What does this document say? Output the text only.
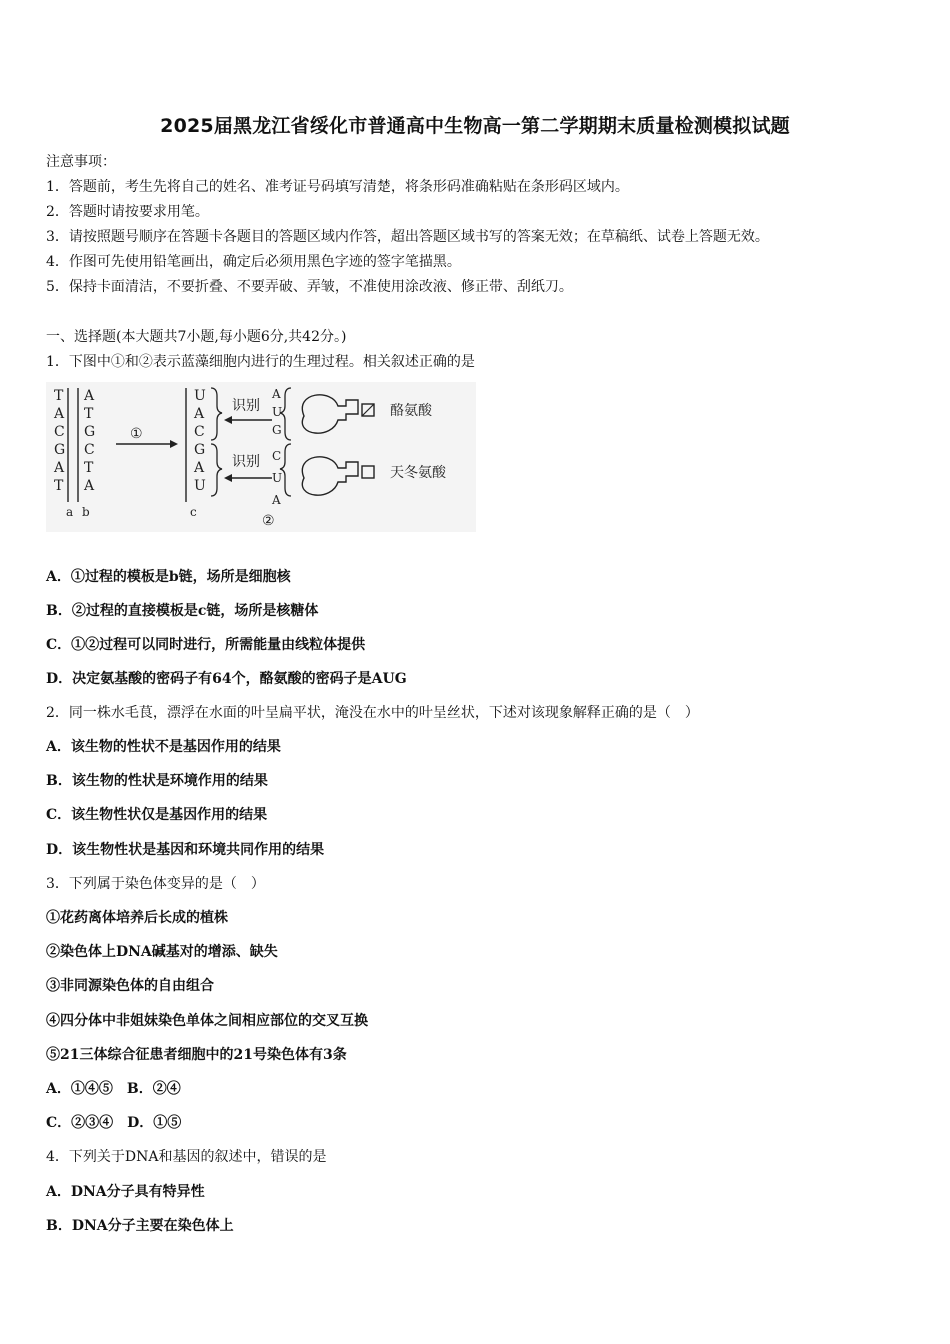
2025届黑龙江省绥化市普通高中生物高一第二学期期末质量检测模拟试题
注意事项：
1．答题前，考生先将自己的姓名、准考证号码填写清楚，将条形码准确粘贴在条形码区域内。
2．答题时请按要求用笔。
3．请按照题号顺序在答题卡各题目的答题区域内作答，超出答题区域书写的答案无效；在草稿纸、试卷上答题无效。
4．作图可先使用铅笔画出，确定后必须用黑色字迹的签字笔描黑。
5．保持卡面清洁，不要折叠、不要弄破、弄皱，不准使用涂改液、修正带、刮纸刀。
一、选择题(本大题共7小题,每小题6分,共42分。)
1．下图中①和②表示蓝藻细胞内进行的生理过程。相关叙述正确的是
T
A
C
G
A
T
A
T
G
C
T
A
a b
①
U
A
C
G
A
U
c
识别
识别
A
U
G
酪氨酸
C
U
A
天冬氨酸
②
A．①过程的模板是b链，场所是细胞核
B．②过程的直接模板是c链，场所是核糖体
C．①②过程可以同时进行，所需能量由线粒体提供
D．决定氨基酸的密码子有64个，酪氨酸的密码子是AUG
2．同一株水毛茛，漂浮在水面的叶呈扁平状，淹没在水中的叶呈丝状，下述对该现象解释正确的是（　）
A．该生物的性状不是基因作用的结果
B．该生物的性状是环境作用的结果
C．该生物性状仅是基因作用的结果
D．该生物性状是基因和环境共同作用的结果
3．下列属于染色体变异的是（　）
①花药离体培养后长成的植株
②染色体上DNA碱基对的增添、缺失
③非同源染色体的自由组合
④四分体中非姐妹染色单体之间相应部位的交叉互换
⑤21三体综合征患者细胞中的21号染色体有3条
A．①④⑤　B．②④
C．②③④　D．①⑤
4．下列关于DNA和基因的叙述中，错误的是
A．DNA分子具有特异性
B．DNA分子主要在染色体上
